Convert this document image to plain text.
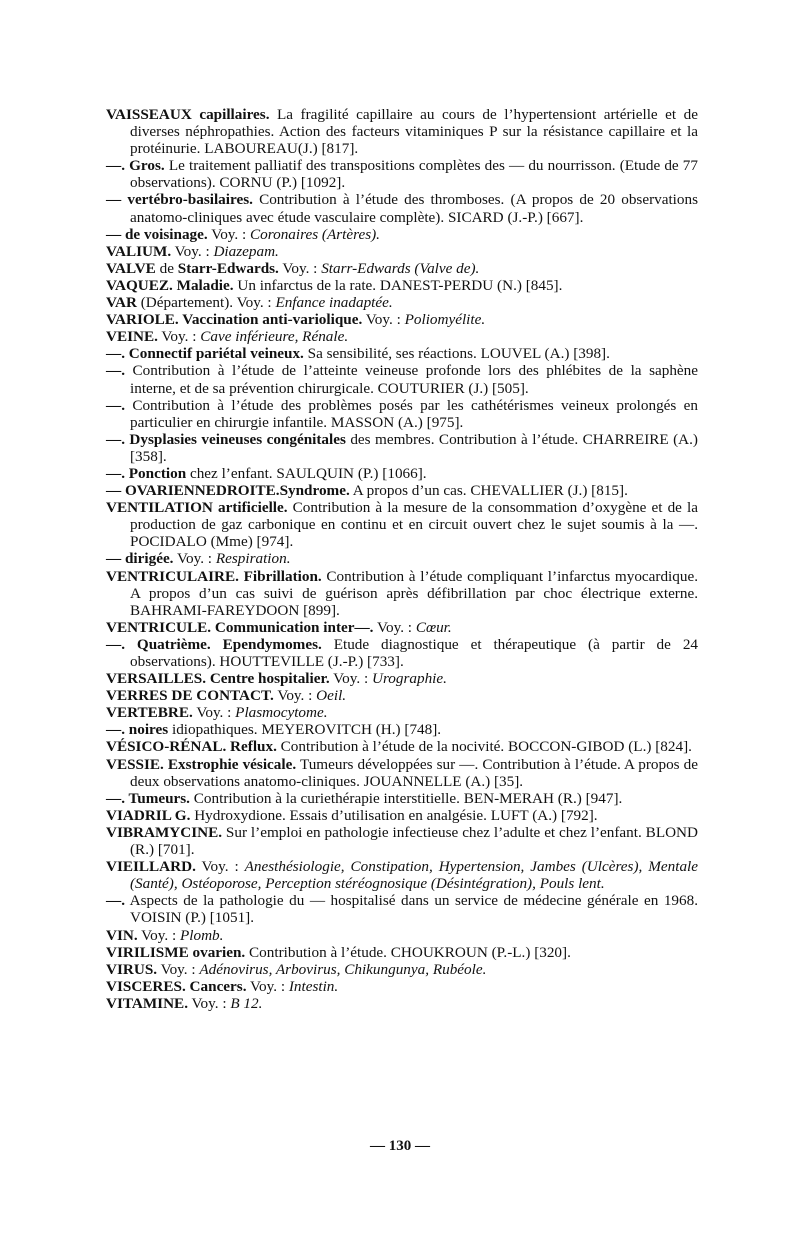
VAISSEAUX capillaires. La fragilité capillaire au cours de l’hypertensiont artérielle et de diverses néphropathies. Action des facteurs vitaminiques P sur la résistance capillaire et la protéinurie. LABOUREAU(J.) [817].

—. Gros. Le traitement palliatif des transpositions complètes des — du nourrisson. (Etude de 77 observations). CORNU (P.) [1092].

— vertébro-basilaires. Contribution à l’étude des thromboses. (A propos de 20 observations anatomo-cliniques avec étude vasculaire complète). SICARD (J.-P.) [667].

— de voisinage. Voy. : Coronaires (Artères).

VALIUM. Voy. : Diazepam.

VALVE de Starr-Edwards. Voy. : Starr-Edwards (Valve de).

VAQUEZ. Maladie. Un infarctus de la rate. DANEST-PERDU (N.) [845].

VAR (Département). Voy. : Enfance inadaptée.

VARIOLE. Vaccination anti-variolique. Voy. : Poliomyélite.

VEINE. Voy. : Cave inférieure, Rénale.

—. Connectif pariétal veineux. Sa sensibilité, ses réactions. LOUVEL (A.) [398].

—. Contribution à l’étude de l’atteinte veineuse profonde lors des phlébites de la saphène interne, et de sa prévention chirurgicale. COUTURIER (J.) [505].

—. Contribution à l’étude des problèmes posés par les cathétérismes veineux prolongés en particulier en chirurgie infantile. MASSON (A.) [975].

—. Dysplasies veineuses congénitales des membres. Contribution à l’étude. CHARREIRE (A.) [358].

—. Ponction chez l’enfant. SAULQUIN (P.) [1066].

— OVARIENNEDROITE.Syndrome. A propos d’un cas. CHEVALLIER (J.) [815].

VENTILATION artificielle. Contribution à la mesure de la consommation d’oxygène et de la production de gaz carbonique en continu et en circuit ouvert chez le sujet soumis à la —. POCIDALO (Mme) [974].

— dirigée. Voy. : Respiration.

VENTRICULAIRE. Fibrillation. Contribution à l’étude compliquant l’infarctus myocardique. A propos d’un cas suivi de guérison après défibrillation par choc électrique externe. BAHRAMI-FAREYDOON [899].

VENTRICULE. Communication inter—. Voy. : Cœur.

—. Quatrième. Ependymomes. Etude diagnostique et thérapeutique (à partir de 24 observations). HOUTTEVILLE (J.-P.) [733].

VERSAILLES. Centre hospitalier. Voy. : Urographie.

VERRES DE CONTACT. Voy. : Oeil.

VERTEBRE. Voy. : Plasmocytome.

—. noires idiopathiques. MEYEROVITCH (H.) [748].

VÉSICO-RÉNAL. Reflux. Contribution à l’étude de la nocivité. BOCCON-GIBOD (L.) [824].

VESSIE. Exstrophie vésicale. Tumeurs développées sur —. Contribution à l’étude. A propos de deux observations anatomo-cliniques. JOUANNELLE (A.) [35].

—. Tumeurs. Contribution à la curiethérapie interstitielle. BEN-MERAH (R.) [947].

VIADRIL G. Hydroxydione. Essais d’utilisation en analgésie. LUFT (A.) [792].

VIBRAMYCINE. Sur l’emploi en pathologie infectieuse chez l’adulte et chez l’enfant. BLOND (R.) [701].

VIEILLARD. Voy. : Anesthésiologie, Constipation, Hypertension, Jambes (Ulcères), Mentale (Santé), Ostéoporose, Perception stéréognosique (Désintégration), Pouls lent.

—. Aspects de la pathologie du — hospitalisé dans un service de médecine générale en 1968. VOISIN (P.) [1051].

VIN. Voy. : Plomb.

VIRILISME ovarien. Contribution à l’étude. CHOUKROUN (P.-L.) [320].

VIRUS. Voy. : Adénovirus, Arbovirus, Chikungunya, Rubéole.

VISCERES. Cancers. Voy. : Intestin.

VITAMINE. Voy. : B 12.

— 130 —
